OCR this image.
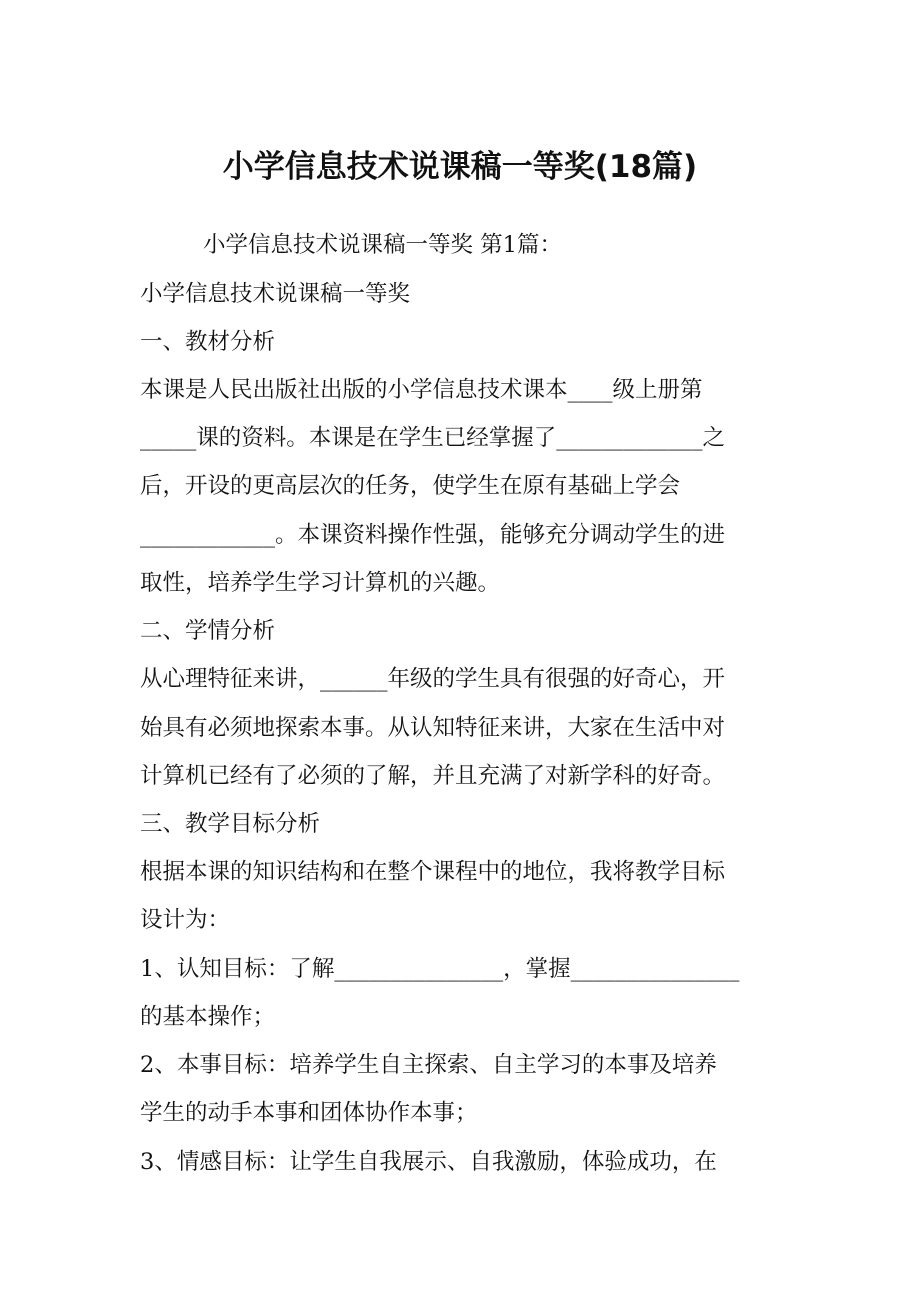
小学信息技术说课稿一等奖(18篇)
小学信息技术说课稿一等奖 第1篇：
小学信息技术说课稿一等奖
一、教材分析
本课是人民出版社出版的小学信息技术课本____级上册第
_____课的资料。本课是在学生已经掌握了_____________之
后，开设的更高层次的任务，使学生在原有基础上学会
____________。本课资料操作性强，能够充分调动学生的进
取性，培养学生学习计算机的兴趣。
二、学情分析
从心理特征来讲，______年级的学生具有很强的好奇心，开
始具有必须地探索本事。从认知特征来讲，大家在生活中对
计算机已经有了必须的了解，并且充满了对新学科的好奇。
三、教学目标分析
根据本课的知识结构和在整个课程中的地位，我将教学目标
设计为：
1、认知目标：了解_______________，掌握_______________
的基本操作；
2、本事目标：培养学生自主探索、自主学习的本事及培养
学生的动手本事和团体协作本事；
3、情感目标：让学生自我展示、自我激励，体验成功，在
